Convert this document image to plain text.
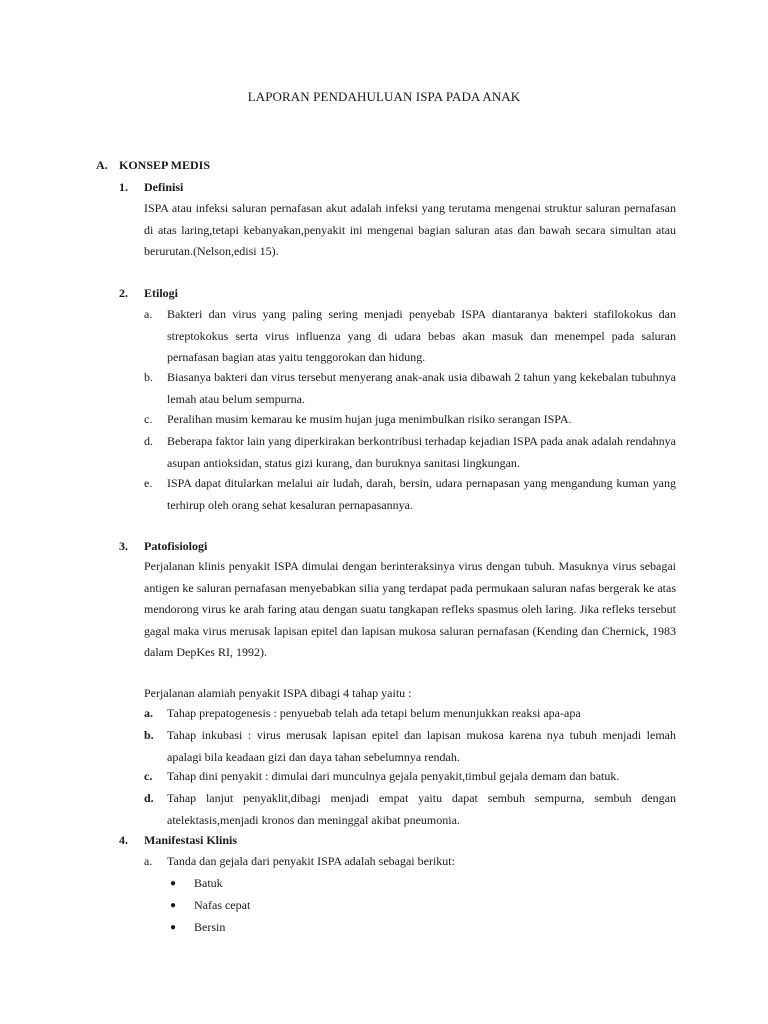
LAPORAN PENDAHULUAN ISPA PADA ANAK
A. KONSEP MEDIS
1. Definisi
ISPA atau infeksi saluran pernafasan akut adalah infeksi yang terutama mengenai struktur saluran pernafasan di atas laring,tetapi kebanyakan,penyakit ini mengenai bagian saluran atas dan bawah secara simultan atau berurutan.(Nelson,edisi 15).
2. Etilogi
a. Bakteri dan virus yang paling sering menjadi penyebab ISPA diantaranya bakteri stafilokokus dan streptokokus serta virus influenza yang di udara bebas akan masuk dan menempel pada saluran pernafasan bagian atas yaitu tenggorokan dan hidung.
b. Biasanya bakteri dan virus tersebut menyerang anak-anak usia dibawah 2 tahun yang kekebalan tubuhnya lemah atau belum sempurna.
c. Peralihan musim kemarau ke musim hujan juga menimbulkan risiko serangan ISPA.
d. Beberapa faktor lain yang diperkirakan berkontribusi terhadap kejadian ISPA pada anak adalah rendahnya asupan antioksidan, status gizi kurang, dan buruknya sanitasi lingkungan.
e. ISPA dapat ditularkan melalui air ludah, darah, bersin, udara pernapasan yang mengandung kuman yang terhirup oleh orang sehat kesaluran pernapasannya.
3. Patofisiologi
Perjalanan klinis penyakit ISPA dimulai dengan berinteraksinya virus dengan tubuh. Masuknya virus sebagai antigen ke saluran pernafasan menyebabkan silia yang terdapat pada permukaan saluran nafas bergerak ke atas mendorong virus ke arah faring atau dengan suatu tangkapan refleks spasmus oleh laring. Jika refleks tersebut gagal maka virus merusak lapisan epitel dan lapisan mukosa saluran pernafasan (Kending dan Chernick, 1983 dalam DepKes RI, 1992).
Perjalanan alamiah penyakit ISPA dibagi 4 tahap yaitu :
a. Tahap prepatogenesis : penyuebab telah ada tetapi belum menunjukkan reaksi apa-apa
b. Tahap inkubasi : virus merusak lapisan epitel dan lapisan mukosa karena nya tubuh menjadi lemah apalagi bila keadaan gizi dan daya tahan sebelumnya rendah.
c. Tahap dini penyakit : dimulai dari munculnya gejala penyakit,timbul gejala demam dan batuk.
d. Tahap lanjut penyaklit,dibagi menjadi empat yaitu dapat sembuh sempurna, sembuh dengan atelektasis,menjadi kronos dan meninggal akibat pneumonia.
4. Manifestasi Klinis
a. Tanda dan gejala dari penyakit ISPA adalah sebagai berikut:
● Batuk
● Nafas cepat
● Bersin
